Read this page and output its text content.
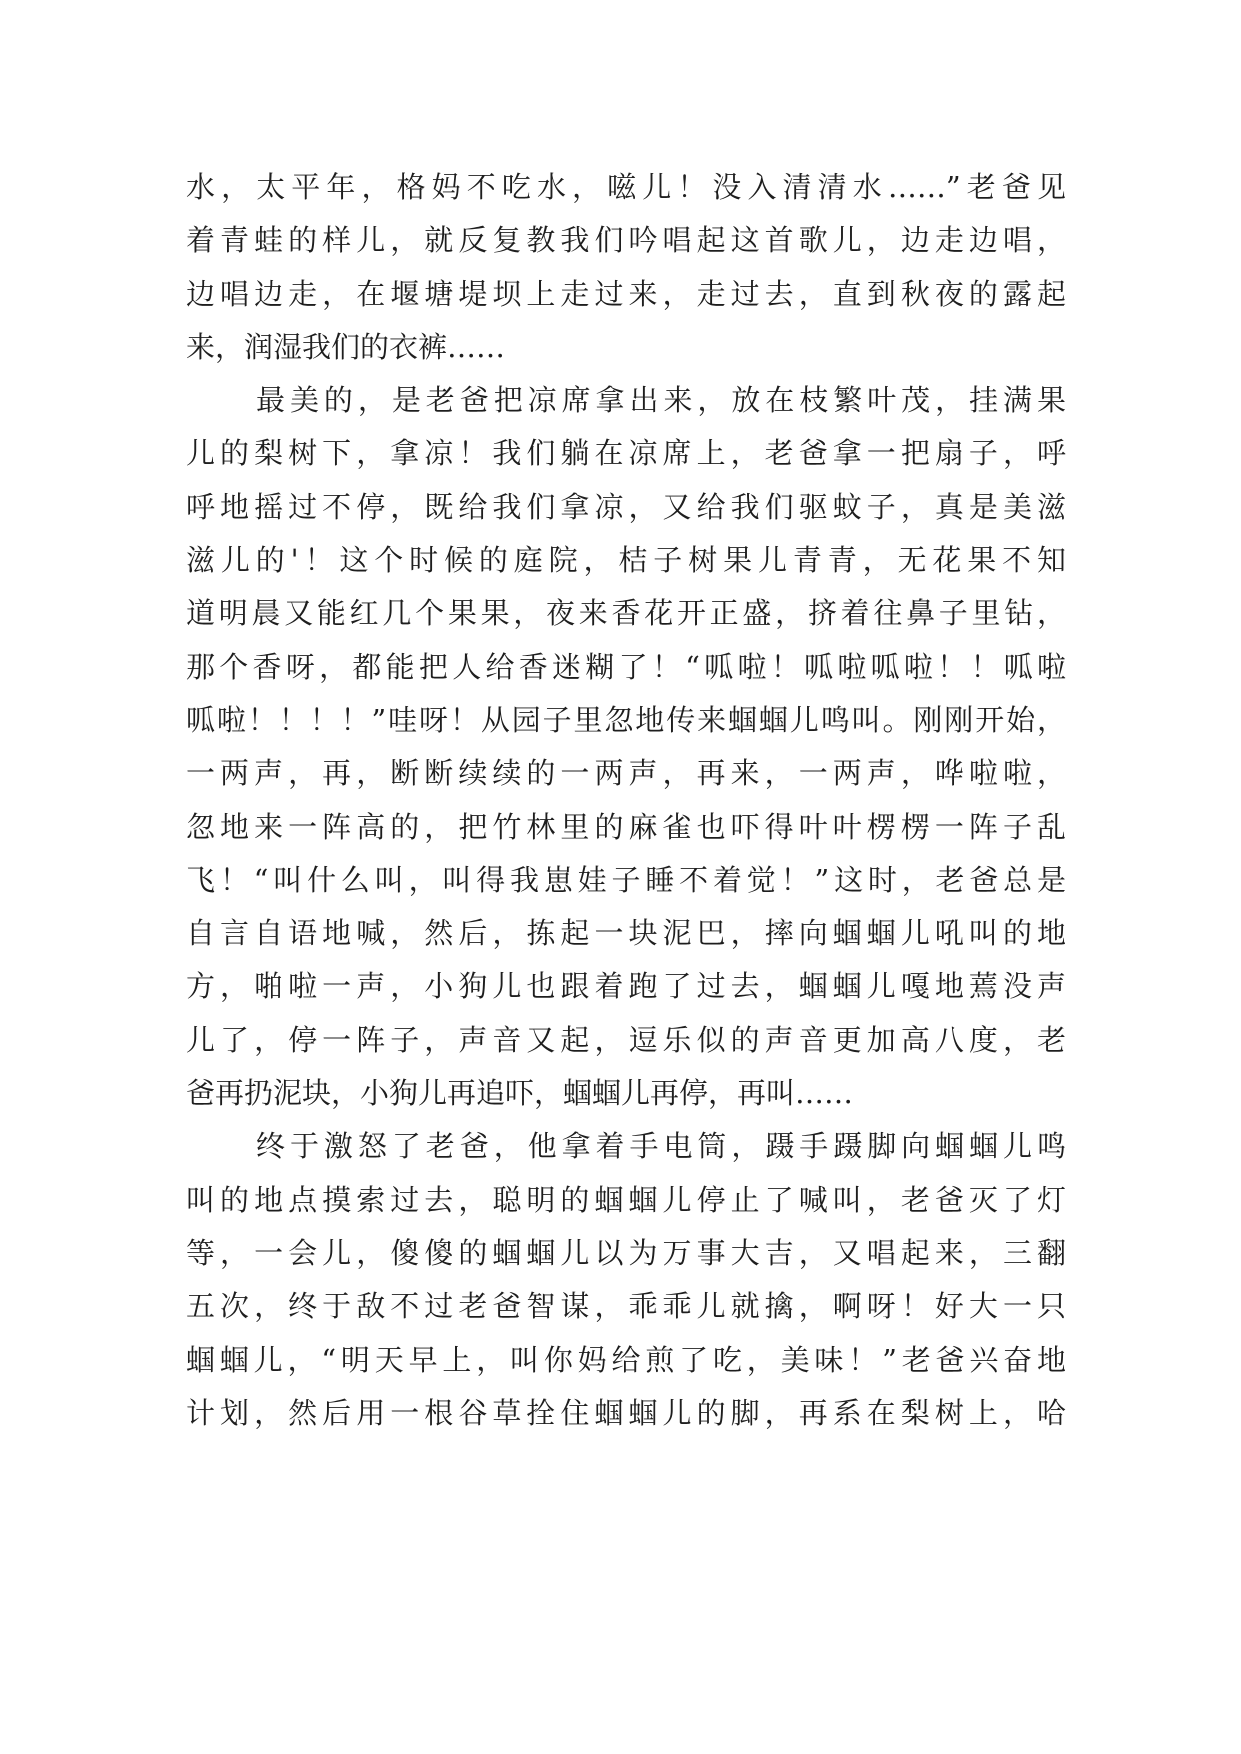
水，太平年，格妈不吃水，嗞儿！没入清清水……”老爸见
着青蛙的样儿，就反复教我们吟唱起这首歌儿，边走边唱，
边唱边走，在堰塘堤坝上走过来，走过去，直到秋夜的露起
来，润湿我们的衣裤……
最美的，是老爸把凉席拿出来，放在枝繁叶茂，挂满果
儿的梨树下，拿凉！我们躺在凉席上，老爸拿一把扇子，呼
呼地摇过不停，既给我们拿凉，又给我们驱蚊子，真是美滋
滋儿的'！这个时候的庭院，桔子树果儿青青，无花果不知
道明晨又能红几个果果，夜来香花开正盛，挤着往鼻子里钻，
那个香呀，都能把人给香迷糊了！“呱啦！呱啦呱啦！！呱啦
呱啦！！！！”哇呀！从园子里忽地传来蝈蝈儿鸣叫。刚刚开始，
一两声，再，断断续续的一两声，再来，一两声，哗啦啦，
忽地来一阵高的，把竹林里的麻雀也吓得叶叶楞楞一阵子乱
飞！“叫什么叫，叫得我崽娃子睡不着觉！”这时，老爸总是
自言自语地喊，然后，拣起一块泥巴，摔向蝈蝈儿吼叫的地
方，啪啦一声，小狗儿也跟着跑了过去，蝈蝈儿嘎地蔫没声
儿了，停一阵子，声音又起，逗乐似的声音更加高八度，老
爸再扔泥块，小狗儿再追吓，蝈蝈儿再停，再叫……
终于激怒了老爸，他拿着手电筒，蹑手蹑脚向蝈蝈儿鸣
叫的地点摸索过去，聪明的蝈蝈儿停止了喊叫，老爸灭了灯
等，一会儿，傻傻的蝈蝈儿以为万事大吉，又唱起来，三翻
五次，终于敌不过老爸智谋，乖乖儿就擒，啊呀！好大一只
蝈蝈儿，“明天早上，叫你妈给煎了吃，美味！”老爸兴奋地
计划，然后用一根谷草拴住蝈蝈儿的脚，再系在梨树上，哈
